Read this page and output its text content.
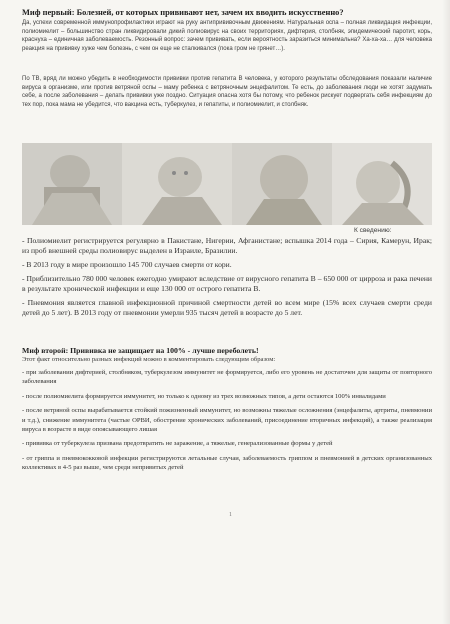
Миф первый: Болезней, от которых прививают нет, зачем их вводить искусственно?
Да, успехи современной иммунопрофилактики играют на руку антипрививочным движениям. Натуральная оспа – полная ликвидация инфекции, полиомиелит – большинство стран ликвидировали дикий полиовирус на своих территориях, дифтерия, столбняк, эпидемический паротит, корь, краснуха – единичная заболеваемость. Резонный вопрос: зачем прививать, если вероятность заразиться минимальна? Ха-ха-ха… для человека реакция на прививку хуже чем болезнь, с чем он еще не сталкивался (пока гром не грянет…).
По ТВ, вряд ли можно убедить в необходимости прививки против гепатита В человека, у которого результаты обследования показали наличие вируса в организме, или против ветряной оспы – маму ребенка с ветряночным энцефалитом. Те есть, до заболевания люди не хотят задумать себе, а после заболевания – делать прививки уже поздно. Ситуация опасна хотя бы потому, что ребенок рискует подвергать себя инфекциям до тех пор, пока мама не убедится, что вакцина есть, туберкулез, и гепатиты, и полиомиелит, и столбняк.
К сведению:
- Полиомиелит регистрируется регулярно в Пакистане, Нигерии, Афганистане; вспышка 2014 года – Сирия, Камерун, Ирак; из проб внешней среды полиовирус выделен в Израиле, Бразилии.
- В 2013 году в мире произошло 145 700 случаев смерти от кори.
- Приблизительно 780 000 человек ежегодно умирают вследствие от вирусного гепатита В – 650 000 от цирроза и рака печени в результате хронической инфекции и еще 130 000 от острого гепатита В.
- Пневмония является главной инфекционной причиной смертности детей во всем мире (15% всех случаев смерти среди детей до 5 лет). В 2013 году от пневмонии умерли 935 тысяч детей в возрасте до 5 лет.
Миф второй: Прививка не защищает на 100% - лучше переболеть!
Этот факт относительно разных инфекций можно в комментировать следующим образом:
- при заболевании дифтерией, столбняком, туберкулезом иммунитет не формируется, либо его уровень не достаточен для защиты от повторного заболевания
- после полиомиелита формируется иммунитет, но только к одному из трех возможных типов, а дети остаются 100% инвалидами
- после ветряной оспы вырабатывается стойкий пожизненный иммунитет, но возможны тяжелые осложнения (энцефалиты, артриты, пневмонии и т.д.), снижение иммунитета (частые ОРВИ, обострение хронических заболеваний, присоединение вторичных инфекций), а также реализация вируса в возрасте в виде опоясывающего лишая
- прививка от туберкулеза призвана предотвратить не заражение, а тяжелые, генерализованные формы у детей
- от гриппа и пневмококковой инфекции регистрируются летальные случаи, заболеваемость гриппом и пневмонией в детских организованных коллективах в 4-5 раз выше, чем среди непривитых детей
1
